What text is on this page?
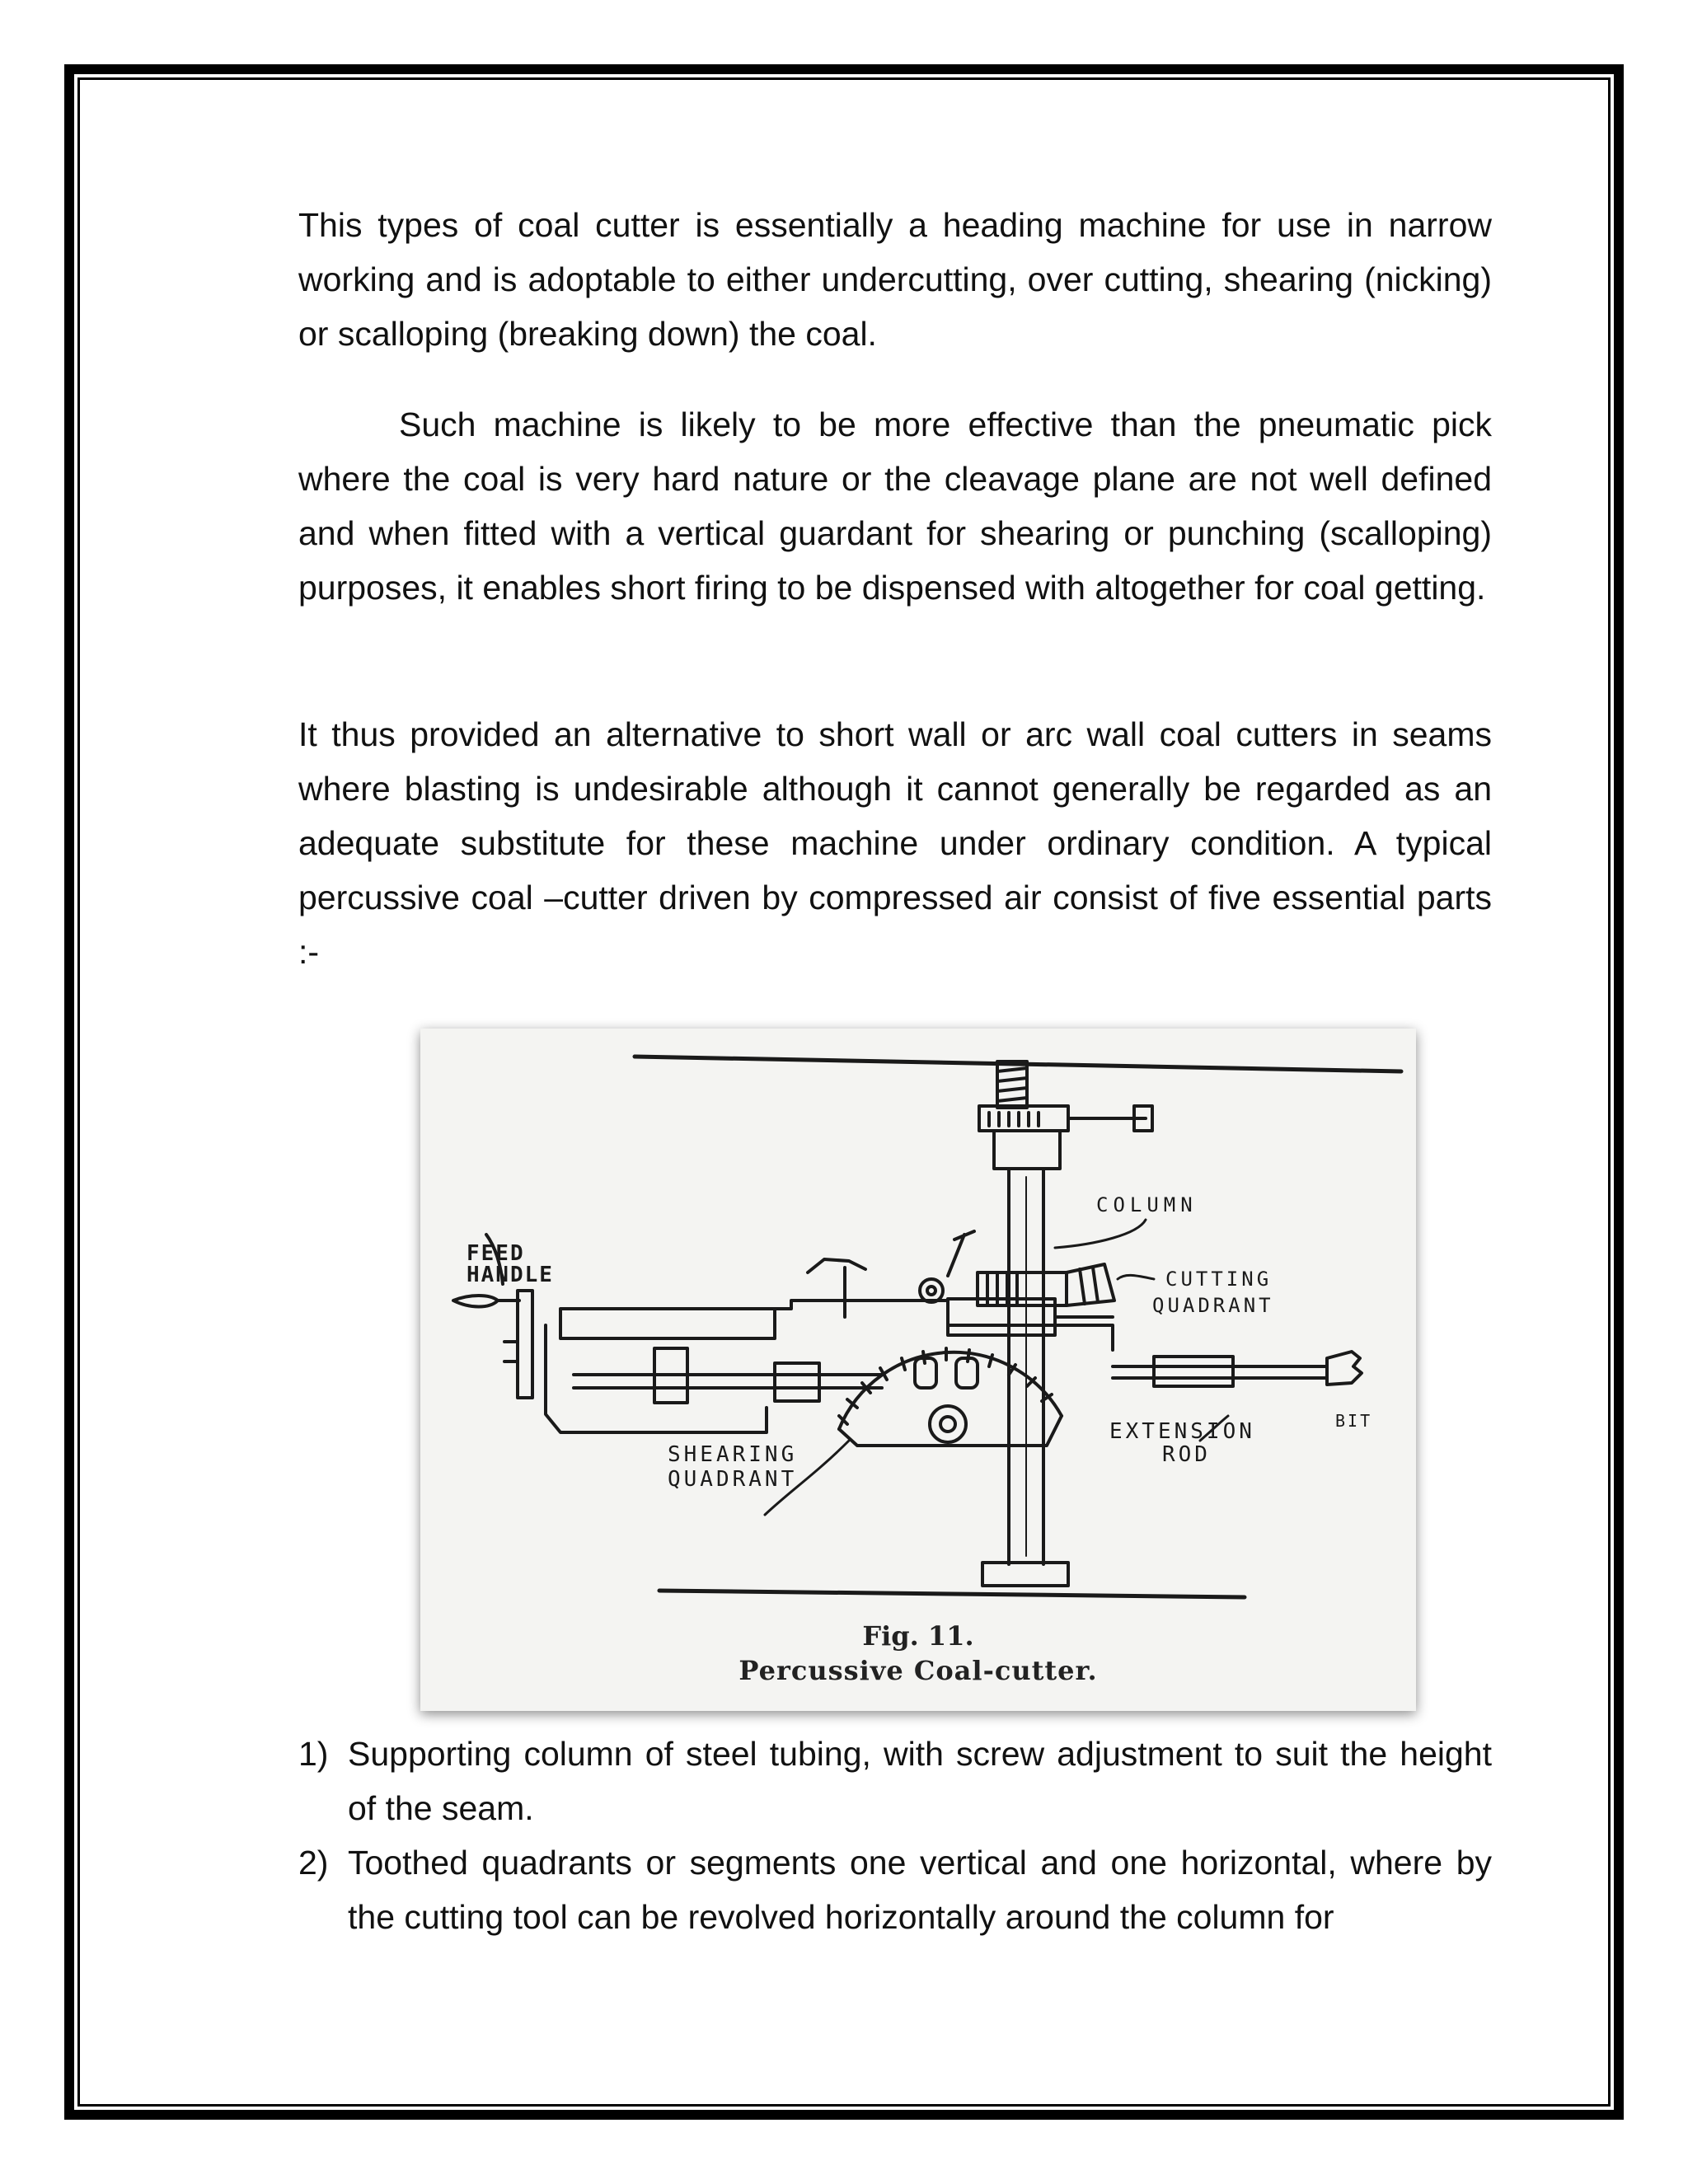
This types of coal cutter is essentially a heading machine for use in narrow working and is adoptable to either undercutting, over cutting, shearing (nicking) or scalloping (breaking down) the coal.

Such machine is likely to be more effective than the pneumatic pick where the coal is very hard nature or the cleavage plane are not well defined and when fitted with a vertical guardant for shearing or punching (scalloping) purposes, it enables short firing to be dispensed with altogether for coal getting.

It thus provided an alternative to short wall or arc wall coal cutters in seams where blasting is undesirable although it cannot generally be regarded as an adequate substitute for these machine under ordinary condition. A typical percussive coal –cutter driven by compressed air consist of five essential parts :-

COLUMN
FEED
HANDLE	CUTTING
QUADRANT
EXTENSION
ROD
BIT
SHEARING
QUADRANT
Fig. 11.
Percussive Coal-cutter.
1) Supporting column of steel tubing, with screw adjustment to suit the height of the seam.
2) Toothed quadrants or segments one vertical and one horizontal, where by the cutting tool can be revolved horizontally around the column for
